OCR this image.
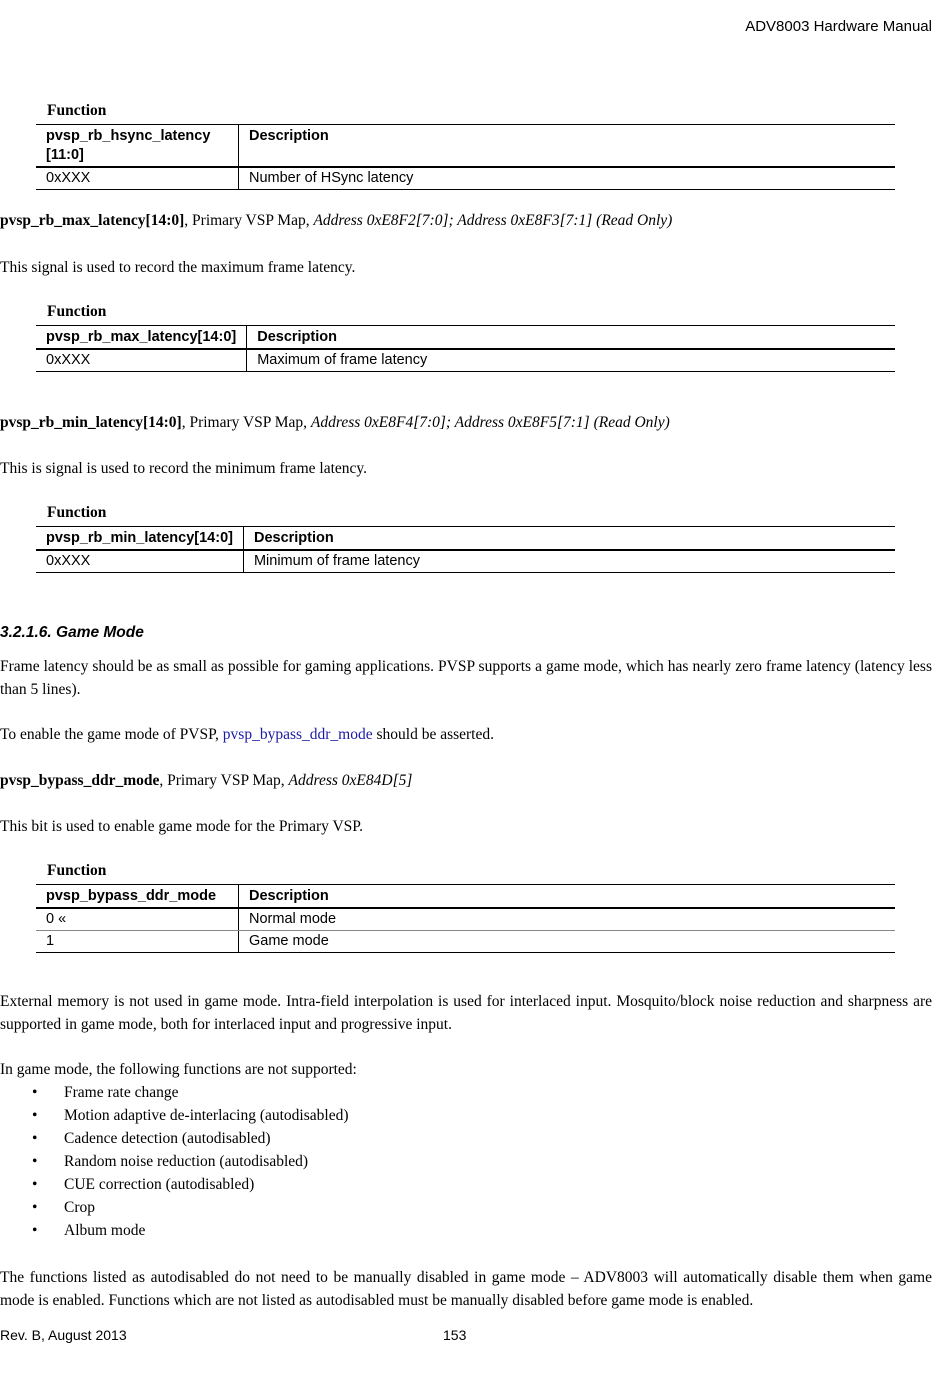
ADV8003 Hardware Manual
Function
pvsp_rb_hsync_latency [11:0]	Description
0xXXX	Number of HSync latency
pvsp_rb_max_latency[14:0], Primary VSP Map, Address 0xE8F2[7:0]; Address 0xE8F3[7:1] (Read Only)
This signal is used to record the maximum frame latency.
Function
pvsp_rb_max_latency[14:0]	Description
0xXXX	Maximum of frame latency
pvsp_rb_min_latency[14:0], Primary VSP Map, Address 0xE8F4[7:0]; Address 0xE8F5[7:1] (Read Only)
This is signal is used to record the minimum frame latency.
Function
pvsp_rb_min_latency[14:0]	Description
0xXXX	Minimum of frame latency
3.2.1.6. Game Mode
Frame latency should be as small as possible for gaming applications. PVSP supports a game mode, which has nearly zero frame latency (latency less than 5 lines).
To enable the game mode of PVSP, pvsp_bypass_ddr_mode should be asserted.
pvsp_bypass_ddr_mode, Primary VSP Map, Address 0xE84D[5]
This bit is used to enable game mode for the Primary VSP.
Function
pvsp_bypass_ddr_mode	Description
0 «	Normal mode
1	Game mode
External memory is not used in game mode. Intra-field interpolation is used for interlaced input. Mosquito/block noise reduction and sharpness are supported in game mode, both for interlaced input and progressive input.
In game mode, the following functions are not supported:
• Frame rate change
• Motion adaptive de-interlacing (autodisabled)
• Cadence detection (autodisabled)
• Random noise reduction (autodisabled)
• CUE correction (autodisabled)
• Crop
• Album mode
The functions listed as autodisabled do not need to be manually disabled in game mode – ADV8003 will automatically disable them when game mode is enabled. Functions which are not listed as autodisabled must be manually disabled before game mode is enabled.
Rev. B, August 2013	153
